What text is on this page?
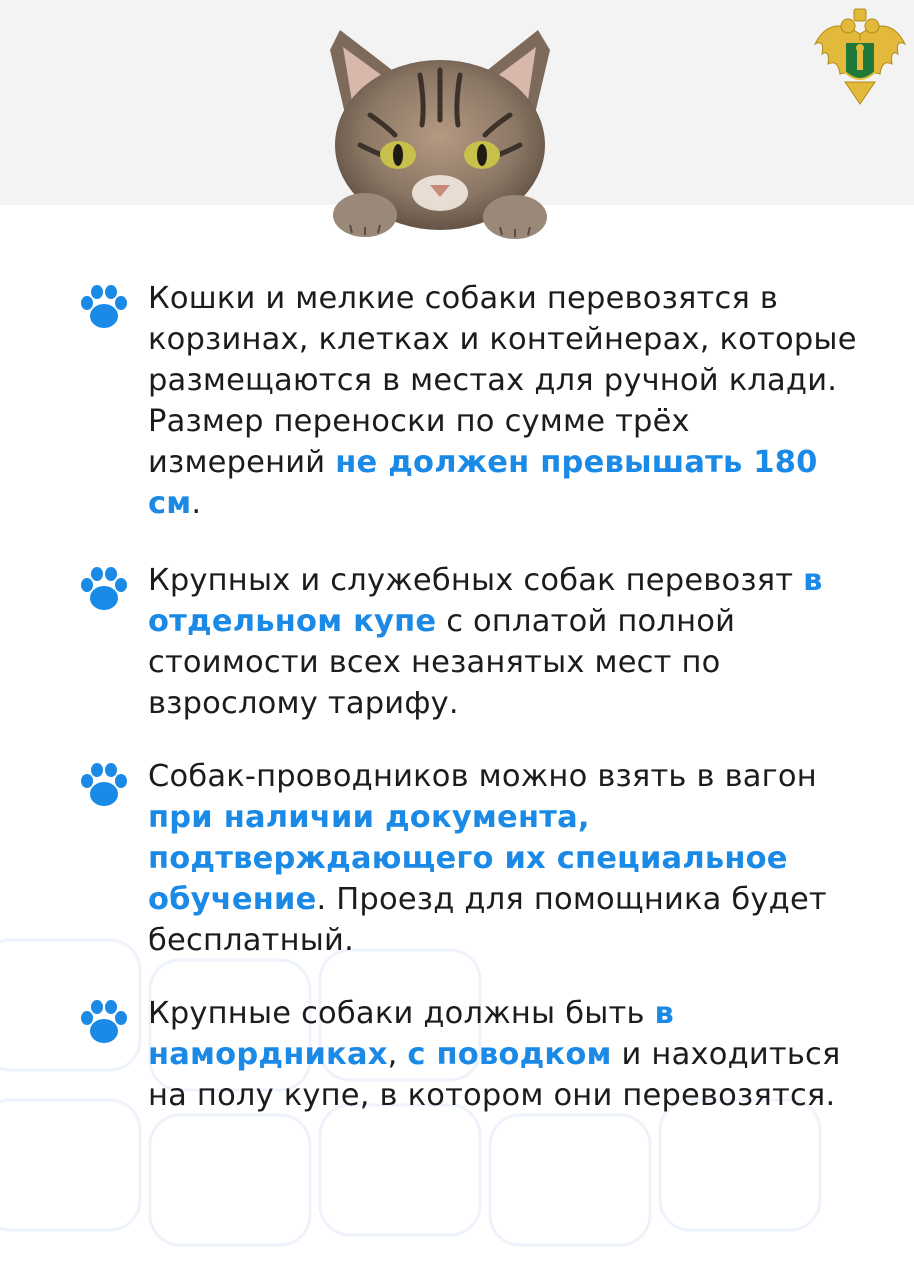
Кошки и мелкие собаки перевозятся в корзинах, клетках и контейнерах, которые размещаются в местах для ручной клади. Размер переноски по сумме трёх измерений не должен превышать 180 см.
Крупных и служебных собак перевозят в отдельном купе с оплатой полной стоимости всех незанятых мест по взрослому тарифу.
Собак-проводников можно взять в вагон при наличии документа, подтверждающего их специальное обучение. Проезд для помощника будет бесплатный.
Крупные собаки должны быть в намордниках, с поводком и находиться на полу купе, в котором они перевозятся.
